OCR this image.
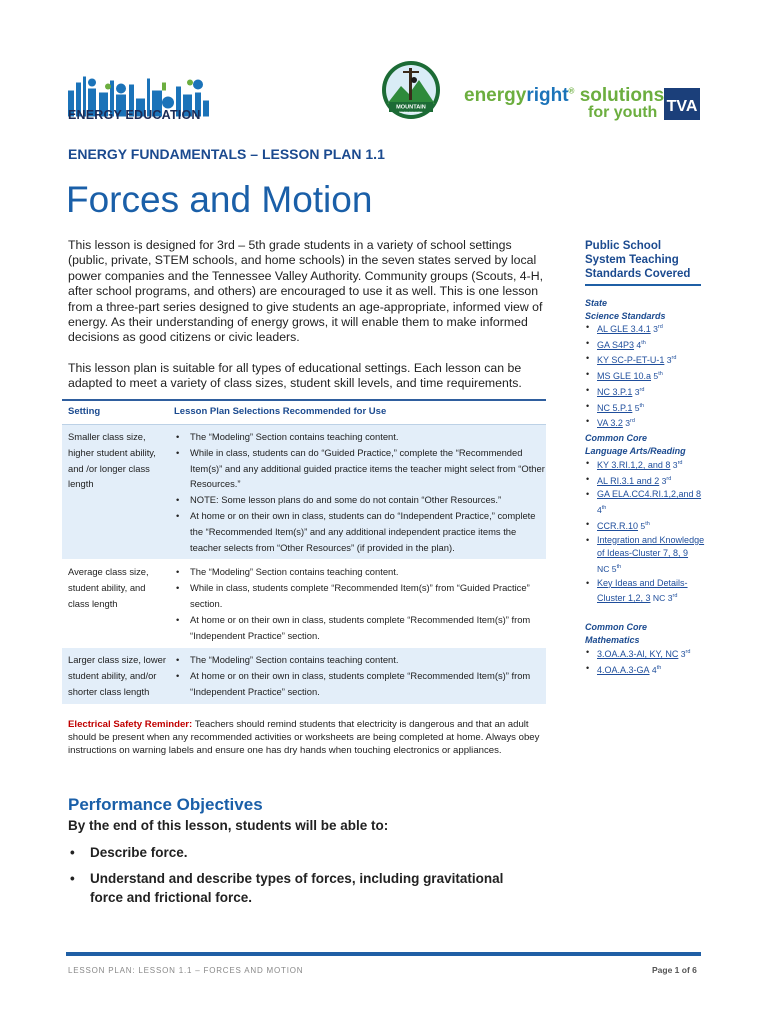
ENERGY EDUCATION
MOUNTAIN
Electric Cooperative
energyright® solutions
for youth TVA
ENERGY FUNDAMENTALS – LESSON PLAN 1.1
Forces and Motion

This lesson is designed for 3rd – 5th grade students in a variety of school settings (public, private, STEM schools, and home schools) in the seven states served by local power companies and the Tennessee Valley Authority. Community groups (Scouts, 4-H, after school programs, and others) are encouraged to use it as well. This is one lesson from a three-part series designed to give students an age-appropriate, informed view of energy. As their understanding of energy grows, it will enable them to make informed decisions as good citizens or civic leaders.

This lesson plan is suitable for all types of educational settings. Each lesson can be adapted to meet a variety of class sizes, student skill levels, and time requirements.

Setting	Lesson Plan Selections Recommended for Use
Smaller class size, higher student ability, and /or longer class length
• The “Modeling” Section contains teaching content.
• While in class, students can do “Guided Practice,” complete the “Recommended Item(s)” and any additional guided practice items the teacher might select from “Other Resources.”
• NOTE: Some lesson plans do and some do not contain “Other Resources.”
• At home or on their own in class, students can do “Independent Practice,” complete the “Recommended Item(s)” and any additional independent practice items the teacher selects from “Other Resources” (if provided in the plan).
Average class size, student ability, and class length
• The “Modeling” Section contains teaching content.
• While in class, students complete “Recommended Item(s)” from “Guided Practice” section.
• At home or on their own in class, students complete “Recommended Item(s)” from “Independent Practice” section.
Larger class size, lower student ability, and/or shorter class length
• The “Modeling” Section contains teaching content.
• At home or on their own in class, students complete “Recommended Item(s)” from “Independent Practice” section.
Electrical Safety Reminder: Teachers should remind students that electricity is dangerous and that an adult should be present when any recommended activities or worksheets are being completed at home. Always obey instructions on warning labels and ensure one has dry hands when touching electronics or appliances.
Performance Objectives
By the end of this lesson, students will be able to:
• Describe force.
• Understand and describe types of forces, including gravitational force and frictional force.
Public School System Teaching Standards Covered
State
Science Standards
• AL GLE 3.4.1 3rd
• GA S4P3 4th
• KY SC-P-ET-U-1 3rd
• MS GLE 10.a 5th
• NC 3.P.1 3rd
• NC 5.P.1 5th
• VA 3.2 3rd
Common Core
Language Arts/Reading
• KY 3.RI.1,2, and 8 3rd
• AL RI.3.1 and 2 3rd
• GA ELA.CC4.RI.1,2,and 8 4th
• CCR.R.10 5th
• Integration and Knowledge of Ideas-Cluster 7, 8, 9
NC 5th
• Key Ideas and Details-Cluster 1,2, 3 NC 3rd
Common Core
Mathematics
• 3.OA.A.3-Al, KY, NC 3rd
• 4.OA.A.3-GA 4th
LESSON PLAN: LESSON 1.1 – FORCES AND MOTION	Page 1 of 6
